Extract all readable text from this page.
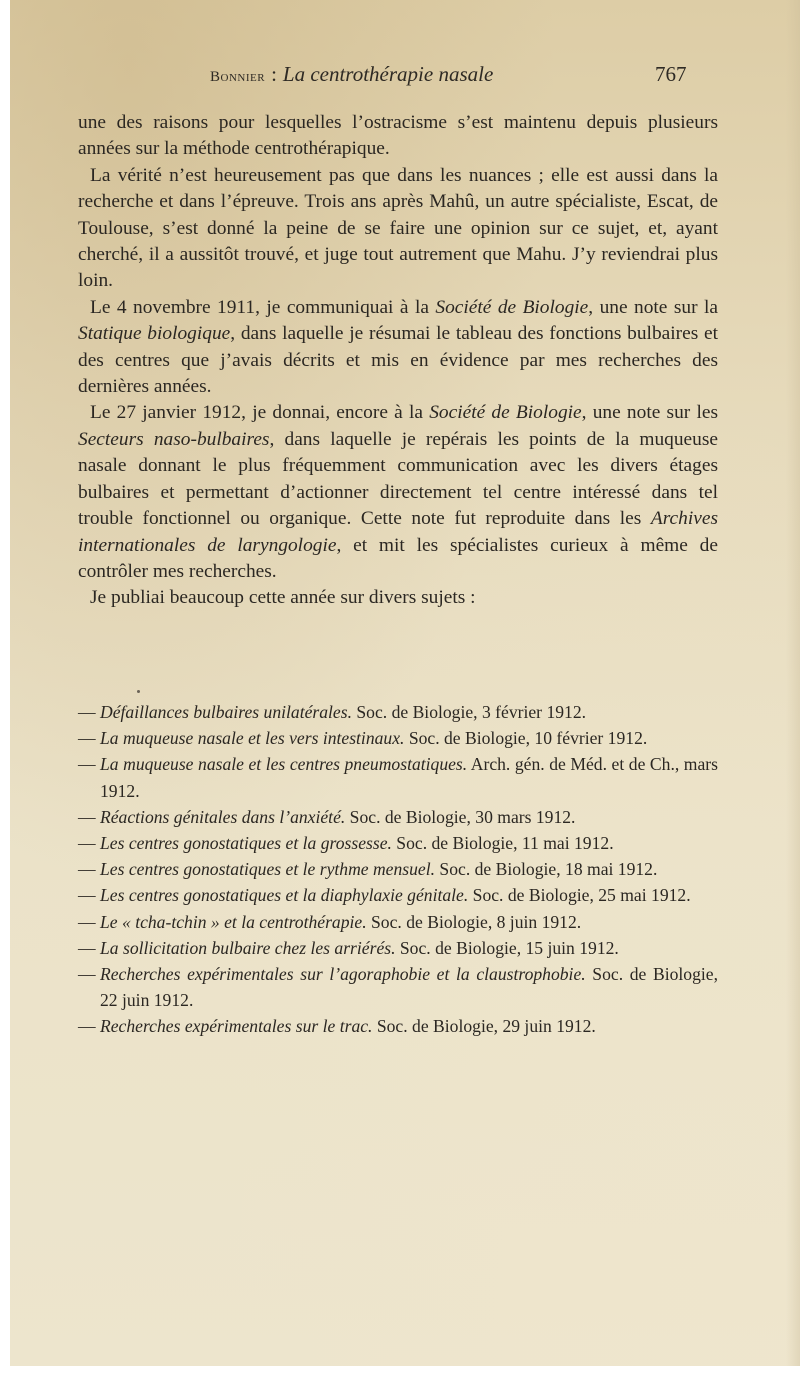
Bonnier : La centrothérapie nasale	767

une des raisons pour lesquelles l’ostracisme s’est maintenu depuis plusieurs années sur la méthode centrothérapique.

La vérité n’est heureusement pas que dans les nuances ; elle est aussi dans la recherche et dans l’épreuve. Trois ans après Mahû, un autre spécialiste, Escat, de Toulouse, s’est donné la peine de se faire une opinion sur ce sujet, et, ayant cherché, il a aussitôt trouvé, et juge tout autrement que Mahu. J’y reviendrai plus loin.

Le 4 novembre 1911, je communiquai à la Société de Biologie, une note sur la Statique biologique, dans laquelle je résumai le tableau des fonctions bulbaires et des centres que j’avais décrits et mis en évidence par mes recherches des dernières années.

Le 27 janvier 1912, je donnai, encore à la Société de Biologie, une note sur les Secteurs naso-bulbaires, dans laquelle je repérais les points de la muqueuse nasale donnant le plus fréquemment communication avec les divers étages bulbaires et permettant d’actionner directement tel centre intéressé dans tel trouble fonctionnel ou organique. Cette note fut reproduite dans les Archives internationales de laryngologie, et mit les spécialistes curieux à même de contrôler mes recherches.

Je publiai beaucoup cette année sur divers sujets :

— Défaillances bulbaires unilatérales. Soc. de Biologie, 3 février 1912.

— La muqueuse nasale et les vers intestinaux. Soc. de Biologie, 10 février 1912.

— La muqueuse nasale et les centres pneumostatiques. Arch. gén. de Méd. et de Ch., mars 1912.

— Réactions génitales dans l’anxiété. Soc. de Biologie, 30 mars 1912.

— Les centres gonostatiques et la grossesse. Soc. de Biologie, 11 mai 1912.

— Les centres gonostatiques et le rythme mensuel. Soc. de Biologie, 18 mai 1912.

— Les centres gonostatiques et la diaphylaxie génitale. Soc. de Biologie, 25 mai 1912.

— Le « tcha-tchin » et la centrothérapie. Soc. de Biologie, 8 juin 1912.

— La sollicitation bulbaire chez les arriérés. Soc. de Biologie, 15 juin 1912.

— Recherches expérimentales sur l’agoraphobie et la claustrophobie. Soc. de Biologie, 22 juin 1912.

— Recherches expérimentales sur le trac. Soc. de Biologie, 29 juin 1912.
